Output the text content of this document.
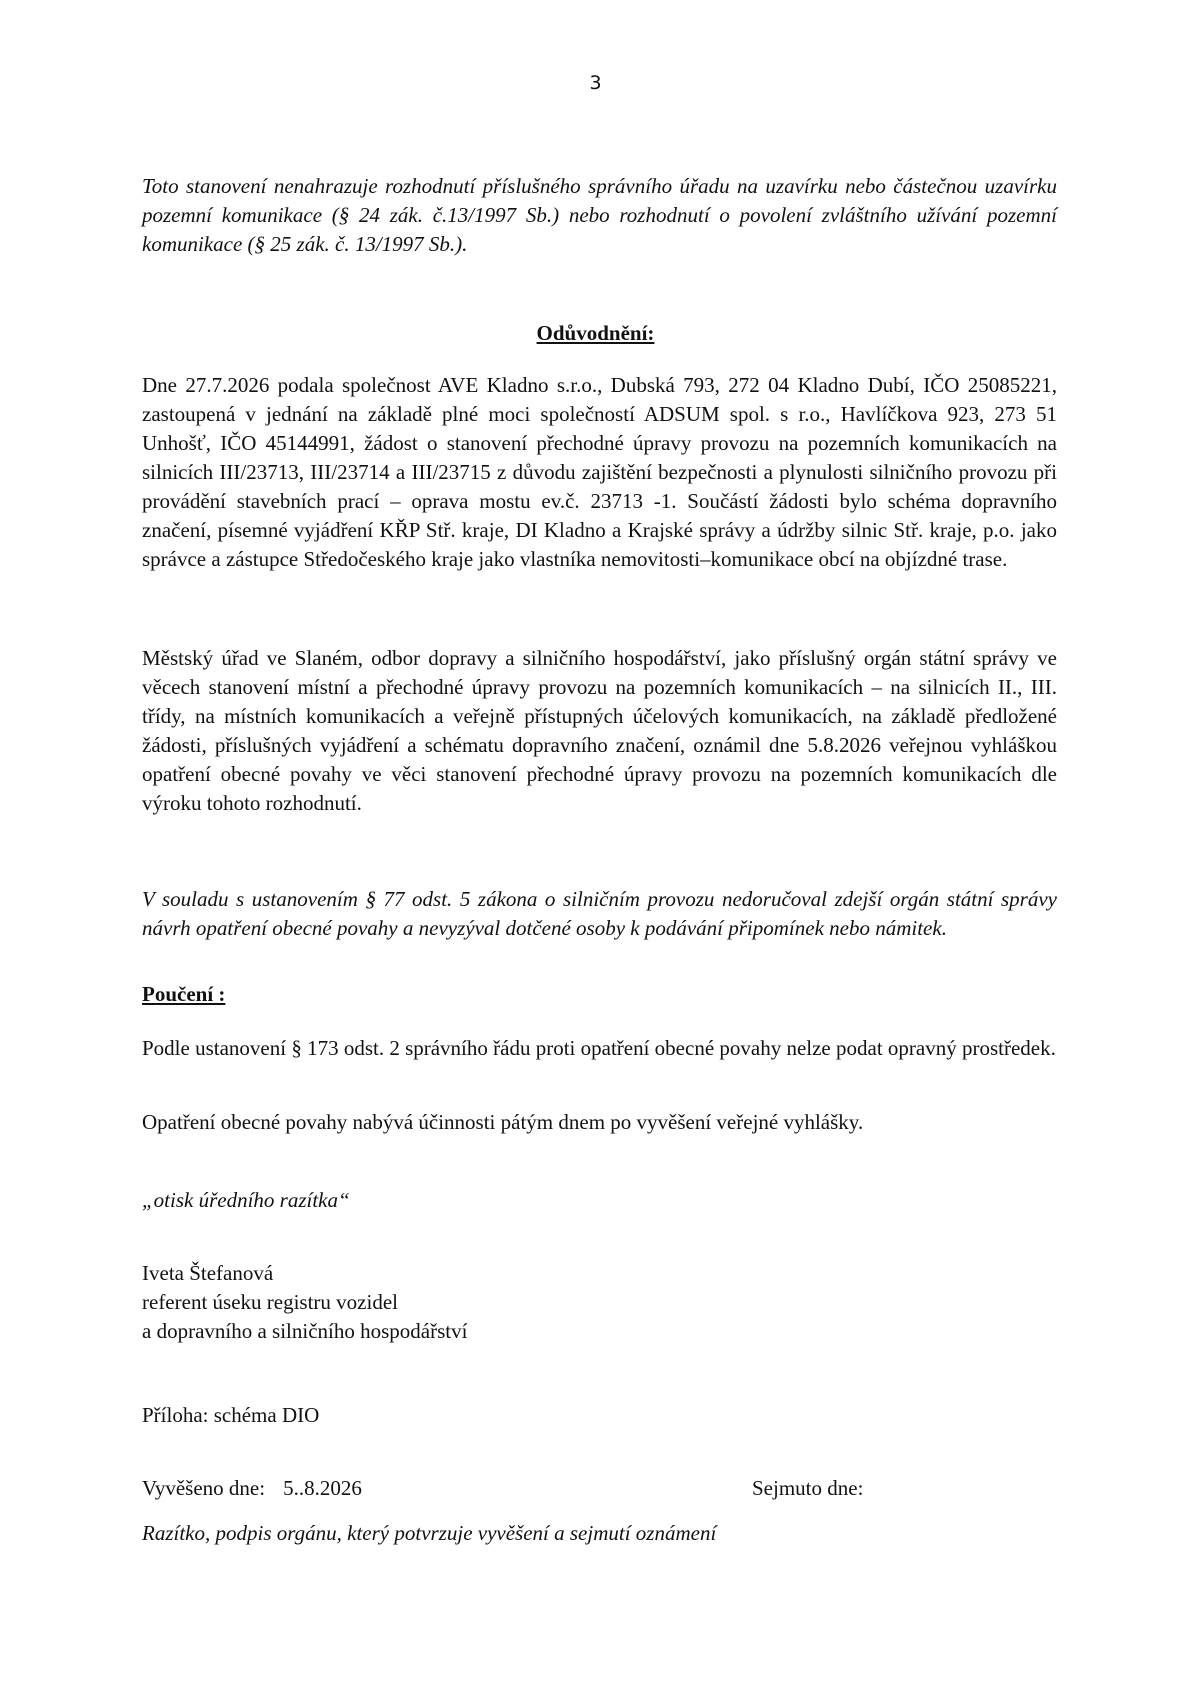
3

Toto stanovení nenahrazuje rozhodnutí příslušného správního úřadu na uzavírku nebo částečnou uzavírku pozemní komunikace (§ 24 zák. č.13/1997 Sb.) nebo rozhodnutí o povolení zvláštního užívání pozemní komunikace (§ 25 zák. č. 13/1997 Sb.).

Odůvodnění:

Dne 27.7.2026 podala společnost AVE Kladno s.r.o., Dubská 793, 272 04 Kladno Dubí, IČO 25085221, zastoupená v jednání na základě plné moci společností ADSUM spol. s r.o., Havlíčkova 923, 273 51 Unhošť, IČO 45144991, žádost o stanovení přechodné úpravy provozu na pozemních komunikacích na silnicích III/23713, III/23714 a III/23715 z důvodu zajištění bezpečnosti a plynulosti silničního provozu při provádění stavebních prací – oprava mostu ev.č. 23713 -1. Součástí žádosti bylo schéma dopravního značení, písemné vyjádření KŘP Stř. kraje, DI Kladno a Krajské správy a údržby silnic Stř. kraje, p.o. jako správce a zástupce Středočeského kraje jako vlastníka nemovitosti–komunikace obcí na objízdné trase.

Městský úřad ve Slaném, odbor dopravy a silničního hospodářství, jako příslušný orgán státní správy ve věcech stanovení místní a přechodné úpravy provozu na pozemních komunikacích – na silnicích II., III. třídy, na místních komunikacích a veřejně přístupných účelových komunikacích, na základě předložené žádosti, příslušných vyjádření a schématu dopravního značení, oznámil dne 5.8.2026 veřejnou vyhláškou opatření obecné povahy ve věci stanovení přechodné úpravy provozu na pozemních komunikacích dle výroku tohoto rozhodnutí.

V souladu s ustanovením § 77 odst. 5 zákona o silničním provozu nedoručoval zdejší orgán státní správy návrh opatření obecné povahy a nevyzýval dotčené osoby k podávání připomínek nebo námitek.

Poučení :

Podle ustanovení § 173 odst. 2 správního řádu proti opatření obecné povahy nelze podat opravný prostředek.

Opatření obecné povahy nabývá účinnosti pátým dnem po vyvěšení veřejné vyhlášky.

„otisk úředního razítka“

Iveta Štefanová
referent úseku registru vozidel
a dopravního a silničního hospodářství

Příloha: schéma DIO

Vyvěšeno dne: 5..8.2026	Sejmuto dne:

Razítko, podpis orgánu, který potvrzuje vyvěšení a sejmutí oznámení
